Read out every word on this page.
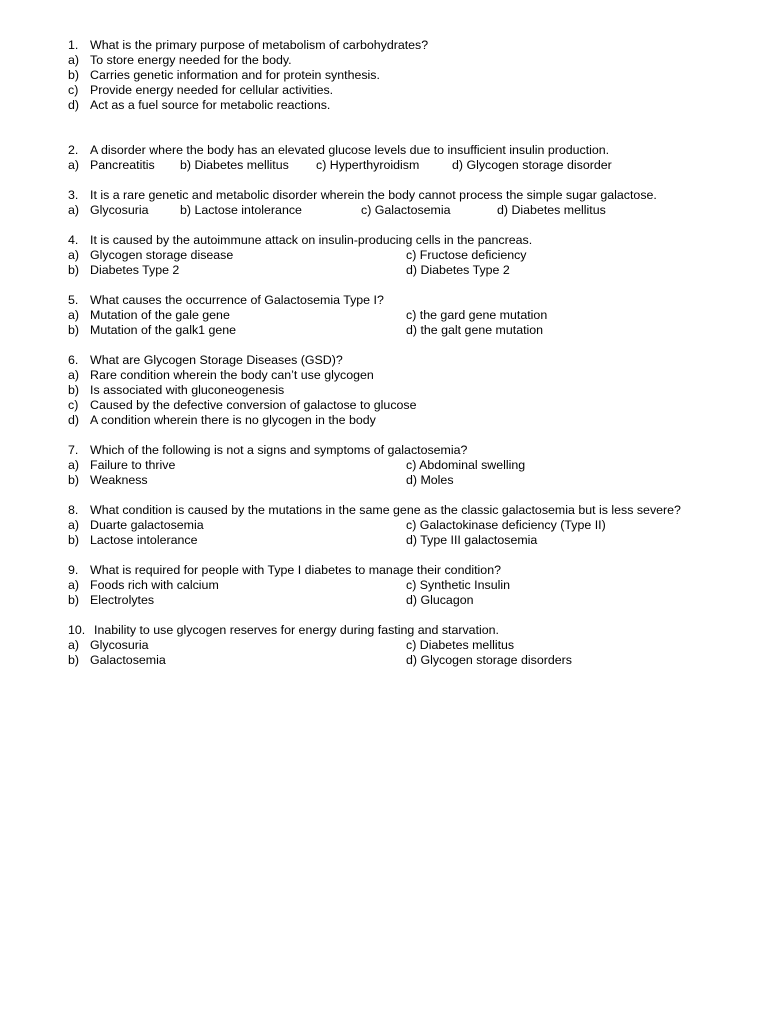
1. What is the primary purpose of metabolism of carbohydrates?
a) To store energy needed for the body.
b) Carries genetic information and for protein synthesis.
c) Provide energy needed for cellular activities.
d) Act as a fuel source for metabolic reactions.
2. A disorder where the body has an elevated glucose levels due to insufficient insulin production.
a) Pancreatitis b) Diabetes mellitus c) Hyperthyroidism	d) Glycogen storage disorder
3. It is a rare genetic and metabolic disorder wherein the body cannot process the simple sugar galactose.
a) Glycosuria	b) Lactose intolerance	c) Galactosemia	d) Diabetes mellitus
4. It is caused by the autoimmune attack on insulin-producing cells in the pancreas.
a) Glycogen storage disease	c) Fructose deficiency
b) Diabetes Type 2	d) Diabetes Type 2
5. What causes the occurrence of Galactosemia Type I?
a) Mutation of the gale gene	c) the gard gene mutation
b) Mutation of the galk1 gene	d) the galt gene mutation
6. What are Glycogen Storage Diseases (GSD)?
a) Rare condition wherein the body can’t use glycogen
b) Is associated with gluconeogenesis
c) Caused by the defective conversion of galactose to glucose
d) A condition wherein there is no glycogen in the body
7. Which of the following is not a signs and symptoms of galactosemia?
a) Failure to thrive	c) Abdominal swelling
b) Weakness	d) Moles
8. What condition is caused by the mutations in the same gene as the classic galactosemia but is less severe?
a) Duarte galactosemia	c) Galactokinase deficiency (Type II)
b) Lactose intolerance	d) Type III galactosemia
9. What is required for people with Type I diabetes to manage their condition?
a) Foods rich with calcium	c) Synthetic Insulin
b) Electrolytes	d) Glucagon
10. Inability to use glycogen reserves for energy during fasting and starvation.
a) Glycosuria	c) Diabetes mellitus
b) Galactosemia	d) Glycogen storage disorders
